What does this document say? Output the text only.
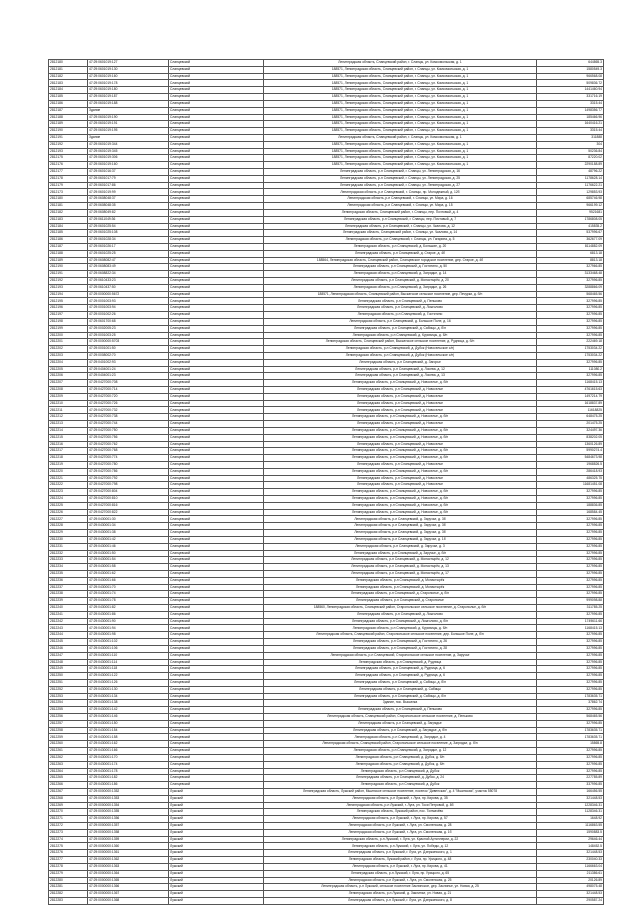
2812180	47:29:0601019:127	Сланцевский	Ленинградская область, Сланцевский район, г. Сланцы, ул. Комсомольская, д. 1	644865.3
2812181	47:29:0601019:130	Сланцевский	188571, Ленинградская область, Сланцевский район, г. Сланцы, ул. Комсомольская, д. 1	1580549.3
2812182	47:29:0601019:160	Сланцевский	188571, Ленинградская область, Сланцевский район, г. Сланцы, ул. Комсомольская, д. 1	966568.08
2812183	47:29:0601019:178	Сланцевский	188571, Ленинградская область, Сланцевский район, г. Сланцы, ул. Комсомольская, д. 1	509836.72
2812184	47:29:0601019:180	Сланцевский	188571, Ленинградская область, Сланцевский район, г. Сланцы, ул. Комсомольская, д. 1	1441460.94
2812185	47:29:0601019:187	Сланцевский	188571, Ленинградская область, Сланцевский район, г. Сланцы, ул. Комсомольская, д. 1	331716.19
2812186	47:29:0601019:188	Сланцевский	188571, Ленинградская область, Сланцевский район, г. Сланцы, ул. Комсомольская, д. 1	3315.44
2812187	Здание	Сланцевский	188571, Ленинградская область, Сланцевский район, г. Сланцы, ул. Комсомольская, д. 1	1498356.77
2812188	47:29:0601019:190	Сланцевский	188571, Ленинградская область, Сланцевский район, г. Сланцы, ул. Комсомольская, д. 1	185466.96
2812189	47:29:0601019:191	Сланцевский	188571, Ленинградская область, Сланцевский район, г. Сланцы, ул. Комсомольская, д. 1	1640416.21
2812190	47:29:0601019:195	Сланцевский	188571, Ленинградская область, Сланцевский район, г. Сланцы, ул. Комсомольская, д. 1	3315.44
2812191	Здание	Сланцевский	Ленинградская область, Сланцевский район, г. Сланцы, ул. Комсомольская, д. 1	311888
2812192	47:29:0601019:344	Сланцевский	188571, Ленинградская область, Сланцевский район, г. Сланцы, ул. Комсомольская, д. 1	304
2812193	47:29:0601019:345	Сланцевский	188571, Ленинградская область, Сланцевский район, г. Сланцы, ул. Комсомольская, д. 1	50236.84
2812175	47:29:0601019:306	Сланцевский	188571, Ленинградская область, Сланцевский район, г. Сланцы, ул. Комсомольская, д. 1	87220.02
2812176	47:29:0601019:160	Сланцевский	188571, Ленинградская область, Сланцевский район, г. Сланцы, ул. Комсомольская, д. 1	2290188.89
2812177	47:29:0601016:37	Сланцевский	Ленинградская область, р-н Сланцевский, г. Сланцы, ул. Ленинградская, д. 16	48796.22
2812178	47:29:0601017:79	Сланцевский	Ленинградская область, р-н Сланцевский, г. Сланцы, ул. Ленинградская, д. 25	1178628.14
2812179	47:29:0601017:86	Сланцевский	Ленинградская область, р-н Сланцевский, г. Сланцы, ул. Ленинградская, д. 27	1176622.21
2812173	47:29:0601019:99	Сланцевский	Ленинградская область, р-н Сланцевский, г. Сланцы, пр. Молодежный, д. 12б	129853.93
2812180	47:29:0608048:37	Сланцевский	Ленинградская область, р-н Сланцевский, г. Сланцы, ул. Мира, д. 16	685746.98
2812181	47:29:0608048:35	Сланцевский	Ленинградская область, р-н Сланцевский, г. Сланцы, ул. Мира, д. 15	966199.12
2812182	47:29:0608049:82	Сланцевский	Ленинградская область, Сланцевский район, г. Сланцы, пер. Почтовый, д. 4	9521681
2812183	47:29:0611049:36	Сланцевский	Ленинградская область, р-н Сланцевский, г. Сланцы, пер. Почтовый, д. 7	1786808.05
2812184	47:29:0601025:54	Сланцевский	Ленинградская область, р-н Сланцевский, г. Сланцы, ул. Чкалова, д. 12	415835.2
2812185	47:29:0601025:108	Сланцевский	Ленинградская область, Сланцевский район, г. Сланцы, ул. Чкалова, д. 14	537996.67
2812186	47:29:0601028:34	Сланцевский	Ленинградская область, р-н Сланцевский, г. Сланцы, ул. Гагарина, д. 5	362677.09
2812187	47:29:0601026:17	Сланцевский	Ленинградская область, р-н Сланцевский, д. Большие, д. 20	8114882.09
2812188	47:29:0601025:25	Сланцевский	Ленинградская область, р-н Сланцевский, д. Старое, д. 4б	6813.18
2812189	47:29:0608082:47	Сланцевский	188564, Ленинградская область, Сланцевский район, Сланцевское городское поселение, дер. Старое, д. 4б	8813.18
2812190	47:29:0608083:49	Сланцевский	Ленинградская область, р-н Сланцевский, д. Гостятино, д. 50	327966.85
2812191	47:29:0608822:34	Сланцевский	Ленинградская область, р-н Сланцевский, д. Загрядье, д. 14	3133468.48
2812192	47:29:0610433:23	Сланцевский	Ленинградская область, р-н Сланцевский, д. Монастырёк, д. 20	327996.85
2812193	47:29:0610437:50	Сланцевский	Ленинградская область, р-н Сланцевский, д. Загрядье, д. 26	3288866.09
2812194	47:29:0000000:5672	Сланцевский	188571, Ленинградская область, Сланцевский район, Выскатское сельское поселение, дер. Печурки, д. б/н	568465.56
2812195	47:29:0001003:93	Сланцевский	Ленинградская область, р-н Сланцевский, д. Пеньково	327996.85
2812196	47:29:0001003:94	Сланцевский	Ленинградская область, р-н Сланцевский, д. Ложголово	327996.85
2812197	47:29:0001002:26	Сланцевский	Ленинградская область, р-н Сланцевский, д. Гостятино	327996.85
2812198	47:29:0601700:68	Сланцевский	Ленинградская область, р-н Сланцевский, д. Большое Поле, д. 16	327996.85
2812199	47:29:0002005:23	Сланцевский	Ленинградская область, р-н Сланцевский, д. Сабицы, д. б/н	327996.85
2812200	47:29:0001003:25	Сланцевский	Ленинградская область, р-н Сланцевский, д. Куровицы, д. б/н	327996.85
2812201	47:29:0000000:5703	Сланцевский	Ленинградская область, Сланцевский район, Выскатское сельское поселение, д. Рудница, д. б/н	222469.18
2812202	47:29:0001001:50	Сланцевский	Ленинградская область, р-н Сланцевский, д. Дубок (Новосельское с/п)	1753034.22
2812203	47:29:0008002:70	Сланцевский	Ленинградская область, р-н Сланцевский, д. Дубок (Новосельское с/п)	1753034.22
2812204	47:29:0401002:93	Сланцевский	Ленинградская область, р-н Сланцевский, д. Загорье	327996.85
2812205	47:29:0404001:24	Сланцевский	Ленинградская область, р-н Сланцевский, д. Лосева, д. 12	111080.2
2812206	47:29:0404001:23	Сланцевский	Ленинградская область, р-н Сланцевский, д. Лосева, д. 13	327996.85
2812207	47:29:0427000:708	Сланцевский	Ленинградская область, р-н Сланцевский, д. Новоселье, д. б/н	1168415.13
2812208	47:29:0427000:714	Сланцевский	Ленинградская область, р-н Сланцевский, д. Новоселье	4761615.63
2812209	47:29:0427000:720	Сланцевский	Ленинградская область, р-н Сланцевский, д. Новоселье	1497214.79
2812210	47:29:0427000:726	Сланцевский	Ленинградская область, р-н Сланцевский, д. Новоселье	1618837.89
2812211	47:29:0427000:732	Сланцевский	Ленинградская область, р-н Сланцевский, д. Новоселье	11618825
2812212	47:29:0427000:738	Сланцевский	Ленинградская область, р-н Сланцевский, д. Новоселье, д. б/н	648475.25
2812213	47:29:0427000:744	Сланцевский	Ленинградская область, р-н Сланцевский, д. Новоселье	201475.25
2812214	47:29:0427000:750	Сланцевский	Ленинградская область, р-н Сланцевский, д. Новоселье, д. б/н	324497.36
2812215	47:29:0427000:756	Сланцевский	Ленинградская область, р-н Сланцевский, д. Новоселье, д. б/н	838202.05
2812216	47:29:0427000:762	Сланцевский	Ленинградская область, р-н Сланцевский, д. Новоселье	1360126.89
2812217	47:29:0427000:768	Сланцевский	Ленинградская область, р-н Сланцевский, д. Новоселье, д. б/н	5990274.4
2812218	47:29:0427000:774	Сланцевский	Ленинградская область, р-н Сланцевский, д. Новоселье, д. б/н	5484673.98
2812219	47:29:0427000:780	Сланцевский	Ленинградская область, р-н Сланцевский, д. Новоселье	1968826.5
2812220	47:29:0427000:786	Сланцевский	Ленинградская область, р-н Сланцевский, д. Новоселье, д. б/н	286418.93
2812221	47:29:0427000:792	Сланцевский	Ленинградская область, р-н Сланцевский, д. Новоселье	486325.75
2812222	47:29:0427000:798	Сланцевский	Ленинградская область, р-н Сланцевский, д. Новоселье	11681451.08
2812223	47:29:0427000:804	Сланцевский	Ленинградская область, р-н Сланцевский, д. Новоселье, д. б/н	327996.85
2812224	47:29:0427000:810	Сланцевский	Ленинградская область, р-н Сланцевский, д. Новоселье, д. б/н	327996.85
2812225	47:29:0427000:816	Сланцевский	Ленинградская область, р-н Сланцевский, д. Новоселье, д. б/н	188836.85
2812226	47:29:0427000:822	Сланцевский	Ленинградская область, р-н Сланцевский, д. Новоселье, д. б/н	168584.45
2812227	47:29:0430001:30	Сланцевский	Ленинградская область, р-н Сланцевский, д. Заручье, д. 3б	327996.85
2812228	47:29:0430001:34	Сланцевский	Ленинградская область, р-н Сланцевский, д. Заручье, д. 3б	327996.85
2812229	47:29:0430001:38	Сланцевский	Ленинградская область, р-н Сланцевский, д. Заручье, д. 3б	327996.85
2812230	47:29:0430001:42	Сланцевский	Ленинградская область, р-н Сланцевский, д. Заручье, д. 1б	327996.85
2812231	47:29:0430001:46	Сланцевский	Ленинградская область, р-н Сланцевский, д. Заручье, д. 3	327996.85
2812232	47:29:0430001:50	Сланцевский	Ленинградская область, р-н Сланцевский, д. Заручье, д. б/н	327996.85
2812233	47:29:0430001:54	Сланцевский	Ленинградская область, р-н Сланцевский, д. Монастырёк, д. 12	327996.85
2812234	47:29:0430001:58	Сланцевский	Ленинградская область, р-н Сланцевский, д. Монастырёк, д. 13	327996.85
2812235	47:29:0430001:62	Сланцевский	Ленинградская область, р-н Сланцевский, д. Монастырёк, д. 17	327996.85
2812236	47:29:0430001:66	Сланцевский	Ленинградская область, р-н Сланцевский, д. Монастырёк	327996.85
2812237	47:29:0430001:70	Сланцевский	Ленинградская область, р-н Сланцевский, д. Монастырёк	327996.85
2812238	47:29:0430001:74	Сланцевский	Ленинградская область, р-н Сланцевский, д. Старополье, д. б/н	327996.85
2812239	47:29:0430001:78	Сланцевский	Ленинградская область, р-н Сланцевский, д. Старополье	999098.88
2812240	47:29:0430001:82	Сланцевский	188560, Ленинградская область, Сланцевский район, Старопольское сельское поселение, д. Старополье, д. б/н	311785.25
2812241	47:29:0430001:86	Сланцевский	Ленинградская область, р-н Сланцевский, д. Ложголово	327996.85
2812242	47:29:0430001:90	Сланцевский	Ленинградская область, р-н Сланцевский, д. Ложголово, д. б/н	1749611.66
2812243	47:29:0430001:94	Сланцевский	Ленинградская область, р-н Сланцевский, д. Куровицы, д. б/н	1168415.13
2812244	47:29:0430001:98	Сланцевский	Ленинградская область, Сланцевский район, Старопольское сельское поселение, дер. Большое Поле, д. б/н	327996.85
2812245	47:29:0430001:102	Сланцевский	Ленинградская область, р-н Сланцевский, д. Гостятино, д. 26	327996.85
2812246	47:29:0430001:106	Сланцевский	Ленинградская область, р-н Сланцевский, д. Гостятино, д. 28	327996.85
2812247	47:29:0430001:110	Сланцевский	Ленинградская область, р-н Сланцевский, Старопольское сельское поселение, д. Заручье	327996.85
2812248	47:29:0430001:114	Сланцевский	Ленинградская область, р-н Сланцевский, д. Рудница	327996.85
2812249	47:29:0430001:118	Сланцевский	Ленинградская область, р-н Сланцевский, д. Рудница, д. 6	327996.85
2812250	47:29:0430001:122	Сланцевский	Ленинградская область, р-н Сланцевский, д. Рудница, д. 6	327996.85
2812251	47:29:0430001:126	Сланцевский	Ленинградская область, р-н Сланцевский, д. Сабицы, д. б/н	327996.85
2812252	47:29:0430001:130	Сланцевский	Ленинградская область, р-н Сланцевский, д. Сабицы	327996.85
2812253	47:29:0430001:134	Сланцевский	Ленинградская область, р-н Сланцевский, д. Сабицы, д. б/н	1783635.71
2812254	47:29:0430001:138	Сланцевский	Здание, пос. Выскатка	37862.74
2812255	47:29:0430001:142	Сланцевский	Ленинградская область, р-н Сланцевский, д. Пеньково	327996.85
2812256	47:29:0430001:146	Сланцевский	Ленинградская область, Сланцевский район, Старопольское сельское поселение, д. Пеньково	568465.56
2812257	47:29:0430001:150	Сланцевский	Ленинградская область, р-н Сланцевский, д. Загрядье	327996.85
2812258	47:29:0430001:154	Сланцевский	Ленинградская область, р-н Сланцевский, д. Загрядье, д. б/н	1783635.71
2812259	47:29:0430001:158	Сланцевский	Ленинградская область, р-н Сланцевский, д. Загрядье, д. 4	1783635.71
2812260	47:29:0430001:162	Сланцевский	Ленинградская область, Сланцевский район, Старопольское сельское поселение, д. Загрядье, д. б/н	15865.8
2812261	47:29:0430001:166	Сланцевский	Ленинградская область, р-н Сланцевский, д. Загрядье, д. 12	327996.85
2812262	47:29:0430001:170	Сланцевский	Ленинградская область, р-н Сланцевский, д. Дубок, д. б/н	327996.85
2812263	47:29:0430001:174	Сланцевский	Ленинградская область, р-н Сланцевский, д. Дубок, д. б/н	327996.85
2812264	47:29:0430001:178	Сланцевский	Ленинградская область, р-н Сланцевский, д. Дубок	327996.85
2812265	47:29:0430001:182	Сланцевский	Ленинградская область, р-н Сланцевский, д. Дубок, д. 24	227785.89
2812266	47:29:0430001:186	Сланцевский	Ленинградская область, р-н Сланцевский, д. Дубок	337996.85
2812267	47:29:0000000:1352	Лужский	Ленинградская область, Лужский район, Мшинское сельское поселение, поселок "Дивенская", д. 4 "Мшинская", участок 55078	166456.55
2812268	47:29:0000000:1353	Лужский	Ленинградская область, р-н Лужский, г. Луга, пр. Кирова, д. 35	321448.53
2812269	47:29:0000000:1354	Лужский	Ленинградская область, р-н Лужский, г. Луга, ул. Тоси Петровой, д. 8б	1228346.31
2812270	47:29:0000000:1355	Лужский	Ленинградская область, Лужский район, пос. Толмачёво	1128346.31
2812271	47:29:0000000:1356	Лужский	Ленинградская область, р-н Лужский, г. Луга, пр. Кирова, д. 57	1648.92
2812272	47:29:0000000:1357	Лужский	Ленинградская область, р-н Лужский, г. Луга, ул. Смоленская, д. 28	1116863.55
2812273	47:29:0000000:1358	Лужский	Ленинградская область, р-н Лужский, г. Луга, ул. Смоленская, д. 1б	1590883.5
2812274	47:29:0000000:1359	Лужский	Ленинградская область, р-н Лужский, г. Луга, ул. Красной Артиллерии, д. 22	29646.44
2812275	47:29:0000000:1360	Лужский	Ленинградская область, р-н Лужский, г. Луга, ул. Победы, д. 12	148452.5
2812276	47:29:0000000:1361	Лужский	Ленинградская область, р-н Лужский, г. Луга, ул. Дзержинского, д. 1	321448.53
2812277	47:29:0000000:1362	Лужский	Ленинградская область, Лужский район, г. Луга, пр. Урицкого, д. 48	230040.33
2812278	47:29:0000000:1363	Лужский	Ленинградская область, р-н Лужский, г. Луга, пр. Кирова, д. 41	1166663.04
2812279	47:29:0000000:1364	Лужский	Ленинградская область, р-н Лужский, г. Луга, пр. Урицкого, д. 65	211386.61
2812280	47:29:0000000:1365	Лужский	Ленинградская область, р-н Лужский, г. Луга, ул. Смоленская, д. 25	20126.89
2812281	47:29:0000000:1366	Лужский	Ленинградская область, р-н Лужский, сельское поселение Заклинское, дер. Заклинье, ул. Новая, д. 25	498075.48
2812282	47:29:0000000:1367	Лужский	Ленинградская область, р-н Лужский, д. Заклинье, ул. Новая, д. 21	321448.53
2812283	47:29:0000000:1368	Лужский	Ленинградская область, р-н Лужский, г. Луга, ул. Дзержинского, д. 8	290587.24
